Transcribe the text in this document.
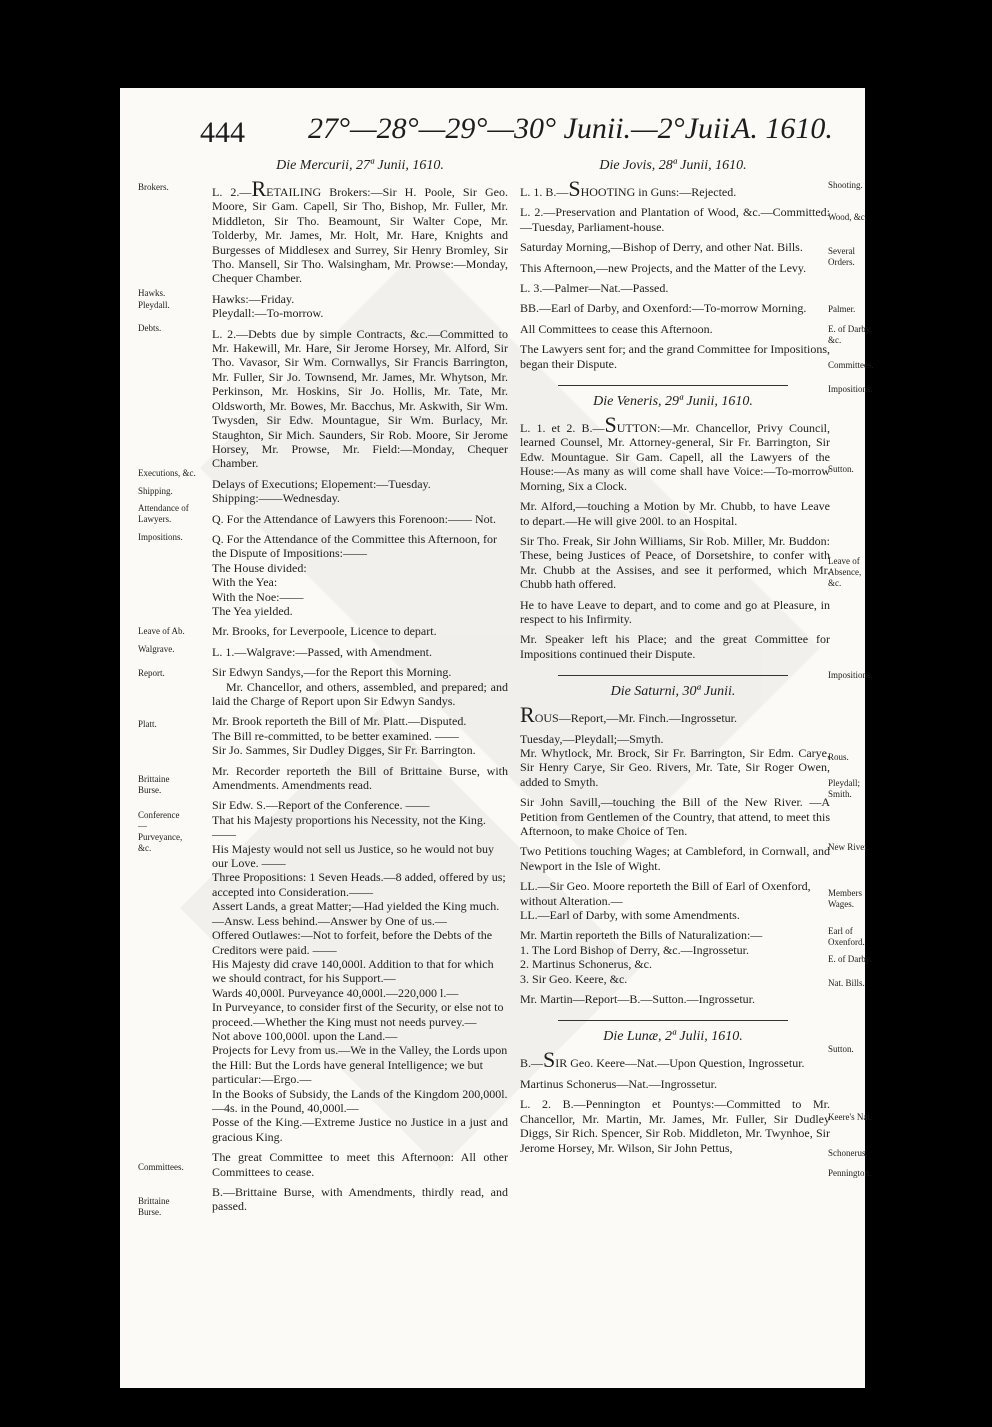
444 27°—28°—29°—30° Junii.—2°Juii.
A. 1610.
Brokers.
Hawks.
Pleydall.
Debts.
Executions, &c.
Shipping.
Attendance of Lawyers.
Impositions.
Leave of Ab.
Walgrave.
Report.
Platt.
Brittaine Burse.
Conference— Purveyance, &c.
Committees.
Brittaine Burse.
Die Mercurii, 27ª Junii, 1610.

L. 2.—RETAILING Brokers:—Sir H. Poole, Sir Geo. Moore, Sir Gam. Capell, Sir Tho, Bishop, Mr. Fuller, Mr. Middleton, Sir Tho. Beamount, Sir Walter Cope, Mr. Tolderby, Mr. James, Mr. Holt, Mr. Hare, Knights and Burgesses of Middlesex and Surrey, Sir Henry Bromley, Sir Tho. Mansell, Sir Tho. Walsingham, Mr. Prowse:—Monday, Chequer Chamber.

Hawks:—Friday.

Pleydall:—To-morrow.

L. 2.—Debts due by simple Contracts, &c.—Committed to Mr. Hakewill, Mr. Hare, Sir Jerome Horsey, Mr. Alford, Sir Tho. Vavasor, Sir Wm. Cornwallys, Sir Francis Barrington, Mr. Fuller, Sir Jo. Townsend, Mr. James, Mr. Whytson, Mr. Perkinson, Mr. Hoskins, Sir Jo. Hollis, Mr. Tate, Mr. Oldsworth, Mr. Bowes, Mr. Bacchus, Mr. Askwith, Sir Wm. Twysden, Sir Edw. Mountague, Sir Wm. Burlacy, Mr. Staughton, Sir Mich. Saunders, Sir Rob. Moore, Sir Jerome Horsey, Mr. Prowse, Mr. Field:—Monday, Chequer Chamber.

Delays of Executions; Elopement:—Tuesday.

Shipping:——Wednesday.

Q. For the Attendance of Lawyers this Forenoon:—— Not.

Q. For the Attendance of the Committee this Afternoon, for the Dispute of Impositions:——

The House divided:

With the Yea:

With the Noe:——

The Yea yielded.

Mr. Brooks, for Leverpoole, Licence to depart.

L. 1.—Walgrave:—Passed, with Amendment.

Sir Edwyn Sandys,—for the Report this Morning.

Mr. Chancellor, and others, assembled, and prepared; and laid the Charge of Report upon Sir Edwyn Sandys.

Mr. Brook reporteth the Bill of Mr. Platt.—Disputed.

The Bill re-committed, to be better examined. ——

Sir Jo. Sammes, Sir Dudley Digges, Sir Fr. Barrington.

Mr. Recorder reporteth the Bill of Brittaine Burse, with Amendments. Amendments read.

Sir Edw. S.—Report of the Conference. ——

That his Majesty proportions his Necessity, not the King. ——

His Majesty would not sell us Justice, so he would not buy our Love. ——

Three Propositions: 1 Seven Heads.—8 added, offered by us; accepted into Consideration.——

Assert Lands, a great Matter;—Had yielded the King much.—Answ. Less behind.—Answer by One of us.—

Offered Outlawes:—Not to forfeit, before the Debts of the Creditors were paid. ——

His Majesty did crave 140,000l. Addition to that for which we should contract, for his Support.—

Wards 40,000l. Purveyance 40,000l.—220,000 l.—

In Purveyance, to consider first of the Security, or else not to proceed.—Whether the King must not needs purvey.—

Not above 100,000l. upon the Land.—

Projects for Levy from us.—We in the Valley, the Lords upon the Hill: But the Lords have general Intelligence; we but particular:—Ergo.—

In the Books of Subsidy, the Lands of the Kingdom 200,000l.—4s. in the Pound, 40,000l.—

Posse of the King.—Extreme Justice no Justice in a just and gracious King.

The great Committee to meet this Afternoon: All other Committees to cease.

B.—Brittaine Burse, with Amendments, thirdly read, and passed.

Shooting.
Wood, &c.
Several Orders.
Palmer.
E. of Darby, &c.
Committees.
Impositions.
Sutton.
Leave of Absence, &c.
Impositions.
Rous.
Pleydall; Smith.
New River.
Members Wages.
Earl of Oxenford.
E. of Darby.
Nat. Bills.
Sutton.
Keere's Nat.
Schonerus.
Pennington.
Die Jovis, 28ª Junii, 1610.

L. 1. B.—SHOOTING in Guns:—Rejected.

L. 2.—Preservation and Plantation of Wood, &c.—Committed:—Tuesday, Parliament-house.

Saturday Morning,—Bishop of Derry, and other Nat. Bills.

This Afternoon,—new Projects, and the Matter of the Levy.

L. 3.—Palmer—Nat.—Passed.

BB.—Earl of Darby, and Oxenford:—To-morrow Morning.

All Committees to cease this Afternoon.

The Lawyers sent for; and the grand Committee for Impositions, began their Dispute.

Die Veneris, 29ª Junii, 1610.

L. 1. et 2. B.—SUTTON:—Mr. Chancellor, Privy Council, learned Counsel, Mr. Attorney-general, Sir Fr. Barrington, Sir Edw. Mountague. Sir Gam. Capell, all the Lawyers of the House:—As many as will come shall have Voice:—To-morrow Morning, Six a Clock.

Mr. Alford,—touching a Motion by Mr. Chubb, to have Leave to depart.—He will give 200l. to an Hospital.

Sir Tho. Freak, Sir John Williams, Sir Rob. Miller, Mr. Buddon: These, being Justices of Peace, of Dorsetshire, to confer with Mr. Chubb at the Assises, and see it performed, which Mr. Chubb hath offered.

He to have Leave to depart, and to come and go at Pleasure, in respect to his Infirmity.

Mr. Speaker left his Place; and the great Committee for Impositions continued their Dispute.

Die Saturni, 30ª Junii.

ROUS—Report,—Mr. Finch.—Ingrossetur.

Tuesday,—Pleydall;—Smyth.

Mr. Whytlock, Mr. Brock, Sir Fr. Barrington, Sir Edm. Carye, Sir Henry Carye, Sir Geo. Rivers, Mr. Tate, Sir Roger Owen, added to Smyth.

Sir John Savill,—touching the Bill of the New River. —A Petition from Gentlemen of the Country, that attend, to meet this Afternoon, to make Choice of Ten.

Two Petitions touching Wages; at Cambleford, in Cornwall, and Newport in the Isle of Wight.

LL.—Sir Geo. Moore reporteth the Bill of Earl of Oxenford, without Alteration.—

LL.—Earl of Darby, with some Amendments.

Mr. Martin reporteth the Bills of Naturalization:—

1. The Lord Bishop of Derry, &c.—Ingrossetur.

2. Martinus Schonerus, &c.

3. Sir Geo. Keere, &c.

Mr. Martin—Report—B.—Sutton.—Ingrossetur.

Die Lunæ, 2ª Julii, 1610.

B.—SIR Geo. Keere—Nat.—Upon Question, Ingrossetur.

Martinus Schonerus—Nat.—Ingrossetur.

L. 2. B.—Pennington et Pountys:—Committed to Mr. Chancellor, Mr. Martin, Mr. James, Mr. Fuller, Sir Dudley Diggs, Sir Rich. Spencer, Sir Rob. Middleton, Mr. Twynhoe, Sir Jerome Horsey, Mr. Wilson, Sir John Pettus,
